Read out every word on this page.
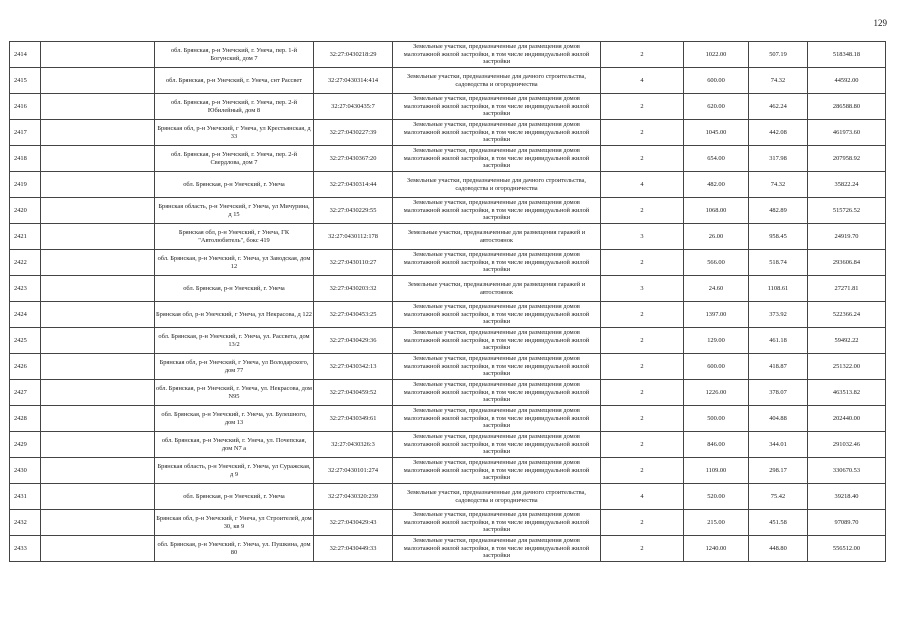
129
2414		обл. Брянская, р-н Унечский, г. Унеча, пер. 1-й Богунский, дом 7	32:27:0430218:29	Земельные участки, предназначенные для размещения домов малоэтажной жилой застройки, в том числе индивидуальной жилой застройки	2	1022.00	507.19	518348.18
2415		обл. Брянская, р-н Унечский, г. Унеча, снт Рассвет	32:27:0430314:414	Земельные участки, предназначенные для дачного строительства, садоводства и огородничества	4	600.00	74.32	44592.00
2416		обл. Брянская, р-н Унечский, г. Унеча, пер. 2-й Юбилейный, дом 8	32:27:0430435:7	Земельные участки, предназначенные для размещения домов малоэтажной жилой застройки, в том числе индивидуальной жилой застройки	2	620.00	462.24	286588.80
2417		Брянская обл, р-н Унечский, г Унеча, ул Крестьянская, д 33	32:27:0430227:39	Земельные участки, предназначенные для размещения домов малоэтажной жилой застройки, в том числе индивидуальной жилой застройки	2	1045.00	442.08	461973.60
2418		обл. Брянская, р-н Унечский, г. Унеча, пер. 2-й Свердлова, дом 7	32:27:0430367:20	Земельные участки, предназначенные для размещения домов малоэтажной жилой застройки, в том числе индивидуальной жилой застройки	2	654.00	317.98	207958.92
2419		обл. Брянская, р-н Унечский, г. Унеча	32:27:0430314:44	Земельные участки, предназначенные для дачного строительства, садоводства и огородничества	4	482.00	74.32	35822.24
2420		Брянская область, р-н Унечский, г Унеча, ул Мичурина, д 15	32:27:0430229:55	Земельные участки, предназначенные для размещения домов малоэтажной жилой застройки, в том числе индивидуальной жилой застройки	2	1068.00	482.89	515726.52
2421		Брянская обл, р-н Унечский, г Унеча, ГК "Автолюбитель", бокс 419	32:27:0430112:178	Земельные участки, предназначенные для размещения гаражей и автостоянок	3	26.00	958.45	24919.70
2422		обл. Брянская, р-н Унечский, г. Унеча, ул Заводская, дом 12	32:27:0430110:27	Земельные участки, предназначенные для размещения домов малоэтажной жилой застройки, в том числе индивидуальной жилой застройки	2	566.00	518.74	293606.84
2423		обл. Брянская, р-н Унечский, г. Унеча	32:27:0430203:32	Земельные участки, предназначенные для размещения гаражей и автостоянок	3	24.60	1108.61	27271.81
2424		Брянская обл, р-н Унечский, г Унеча, ул Некрасова, д 122	32:27:0430453:25	Земельные участки, предназначенные для размещения домов малоэтажной жилой застройки, в том числе индивидуальной жилой застройки	2	1397.00	373.92	522366.24
2425		обл. Брянская, р-н Унечский, г. Унеча, ул. Рассвета, дом 13/2	32:27:0430429:36	Земельные участки, предназначенные для размещения домов малоэтажной жилой застройки, в том числе индивидуальной жилой застройки	2	129.00	461.18	59492.22
2426		Брянская обл, р-н Унечский, г Унеча, ул Володарского, дом 77	32:27:0430342:13	Земельные участки, предназначенные для размещения домов малоэтажной жилой застройки, в том числе индивидуальной жилой застройки	2	600.00	418.87	251322.00
2427		обл. Брянская, р-н Унечский, г. Унеча, ул. Некрасова, дом N95	32:27:0430459:52	Земельные участки, предназначенные для размещения домов малоэтажной жилой застройки, в том числе индивидуальной жилой застройки	2	1226.00	378.07	463513.82
2428		обл. Брянская, р-н Унечский, г. Унеча, ул. Булешного, дом 13	32:27:0430349:61	Земельные участки, предназначенные для размещения домов малоэтажной жилой застройки, в том числе индивидуальной жилой застройки	2	500.00	404.88	202440.00
2429		обл. Брянская, р-н Унечский, г. Унеча, ул. Почепская, дом N7 а	32:27:0430326:3	Земельные участки, предназначенные для размещения домов малоэтажной жилой застройки, в том числе индивидуальной жилой застройки	2	846.00	344.01	291032.46
2430		Брянская область, р-н Унечский, г. Унеча, ул Суражская, д 9	32:27:0430101:274	Земельные участки, предназначенные для размещения домов малоэтажной жилой застройки, в том числе индивидуальной жилой застройки	2	1109.00	298.17	330670.53
2431		обл. Брянская, р-н Унечский, г. Унеча	32:27:0430320:239	Земельные участки, предназначенные для дачного строительства, садоводства и огородничества	4	520.00	75.42	39218.40
2432		Брянская обл, р-н Унечский, г Унеча, ул Строителей, дом 30, кв 9	32:27:0430429:43	Земельные участки, предназначенные для размещения домов малоэтажной жилой застройки, в том числе индивидуальной жилой застройки	2	215.00	451.58	97089.70
2433		обл. Брянская, р-н Унечский, г. Унеча, ул. Пушкина, дом 80	32:27:0430449:33	Земельные участки, предназначенные для размещения домов малоэтажной жилой застройки, в том числе индивидуальной жилой застройки	2	1240.00	448.80	556512.00
